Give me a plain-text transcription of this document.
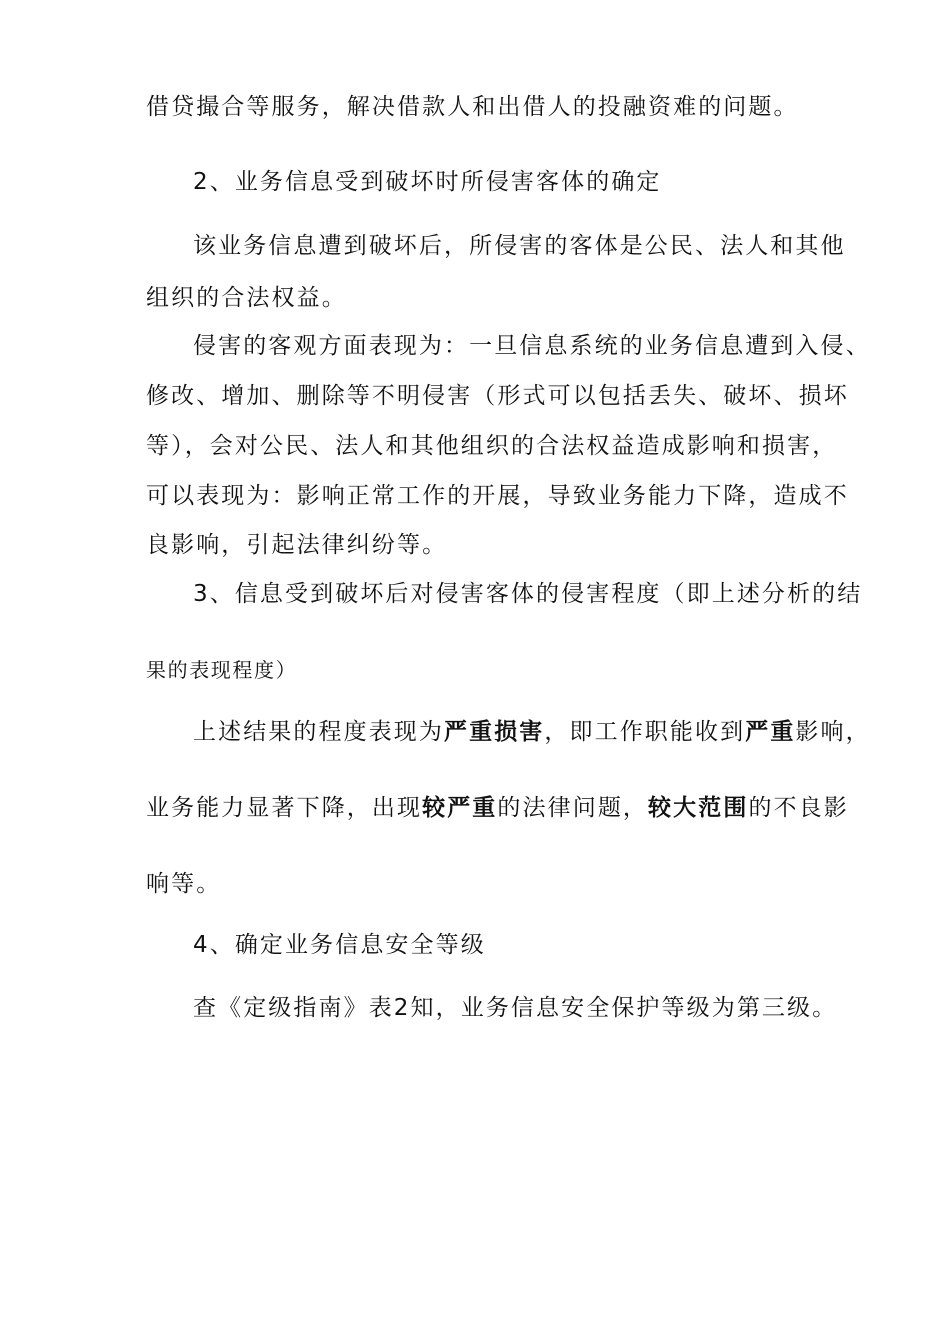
借贷撮合等服务，解决借款人和出借人的投融资难的问题。
2、业务信息受到破坏时所侵害客体的确定
该业务信息遭到破坏后，所侵害的客体是公民、法人和其他
组织的合法权益。
侵害的客观方面表现为：一旦信息系统的业务信息遭到入侵、
修改、增加、删除等不明侵害（形式可以包括丢失、破坏、损坏
等），会对公民、法人和其他组织的合法权益造成影响和损害，
可以表现为：影响正常工作的开展，导致业务能力下降，造成不
良影响，引起法律纠纷等。
3、信息受到破坏后对侵害客体的侵害程度（即上述分析的结
果的表现程度）
上述结果的程度表现为严重损害，即工作职能收到严重影响，
业务能力显著下降，出现较严重的法律问题，较大范围的不良影
响等。
4、确定业务信息安全等级
查《定级指南》表2知，业务信息安全保护等级为第三级。
